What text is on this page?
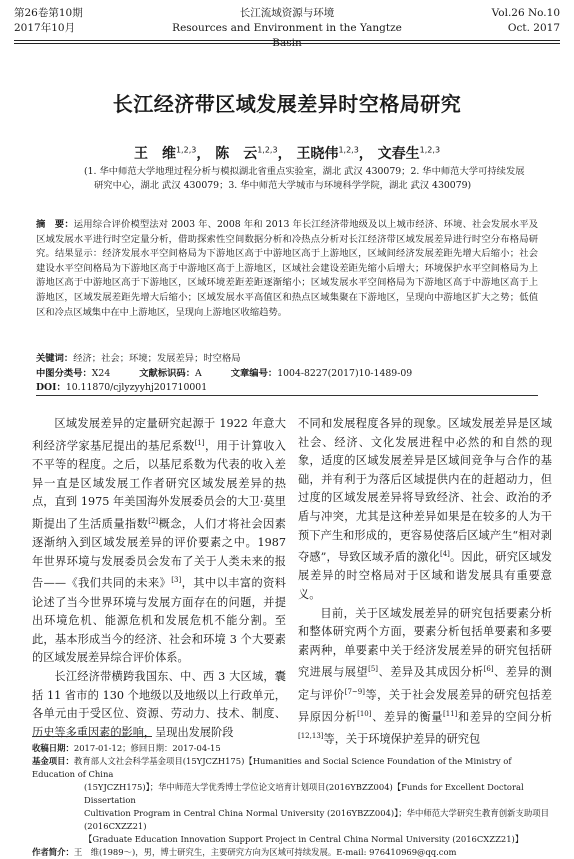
第26卷第10期	长江流域资源与环境	Vol.26 No.10
2017年10月	Resources and Environment in the Yangtze Basin
Oct. 2017
长江经济带区域发展差异时空格局研究
王　维$^{1,2,3}$， 陈　云$^{1,2,3}$， 王晓伟$^{1,2,3}$， 文春生$^{1,2,3}$

(1. 华中师范大学地理过程分析与模拟湖北省重点实验室，湖北 武汉 430079；2. 华中师范大学可持续发展

研究中心，湖北 武汉 430079；3. 华中师范大学城市与环境科学学院，湖北 武汉 430079)

摘　要：运用综合评价模型法对 2003 年、2008 年和 2013 年长江经济带地级及以上城市经济、环境、社会发展水平及区域发展水平进行时空定量分析，借助探索性空间数据分析和冷热点分析对长江经济带区域发展差异进行时空分布格局研究。结果显示：经济发展水平空间格局为下游地区高于中游地区高于上游地区，区域间经济发展差距先增大后缩小；社会建设水平空间格局为下游地区高于中游地区高于上游地区，区域社会建设差距先缩小后增大；环境保护水平空间格局为上游地区高于中游地区高于下游地区，区域环境差距差距逐渐缩小；区域发展水平空间格局为下游地区高于中游地区高于上游地区，区域发展差距先增大后缩小；区域发展水平高值区和热点区域集聚在下游地区，呈现向中游地区扩大之势；低值区和冷点区域集中在中上游地区，呈现向上游地区收缩趋势。
关键词：经济；社会；环境；发展差异；时空格局
中图分类号：X24	文献标识码：A	文章编号：1004-8227(2017)10-1489-09
DOI：10.11870/cjlyzyyhj201710001

区域发展差异的定量研究起源于 1922 年意大利经济学家基尼提出的基尼系数[1]，用于计算收入不平等的程度。之后，以基尼系数为代表的收入差异一直是区域发展工作者研究区域发展差异的热点，直到 1975 年美国海外发展委员会的大卫·莫里斯提出了生活质量指数[2]概念，人们才将社会因素逐渐纳入到区域发展差异的评价要素之中。1987 年世界环境与发展委员会发布了关于人类未来的报告——《我们共同的未来》[3]，其中以丰富的资料论述了当今世界环境与发展方面存在的问题，并提出环境危机、能源危机和发展危机不能分割。至此，基本形成当今的经济、社会和环境 3 个大要素的区域发展差异综合评价体系。

长江经济带横跨我国东、中、西 3 大区域，囊括 11 省市的 130 个地级以及地级以上行政单元，各单元由于受区位、资源、劳动力、技术、制度、历史等多重因素的影响，呈现出发展阶段

不同和发展程度各异的现象。区域发展差异是区域社会、经济、文化发展进程中必然的和自然的现象，适度的区域发展差异是区域间竞争与合作的基础，并有利于为落后区域提供内在的赶超动力，但过度的区域发展差异将导致经济、社会、政治的矛盾与冲突，尤其是这种差异如果是在较多的人为干预下产生和形成的，更容易使落后区域产生“相对剥夺感”，导致区域矛盾的激化[4]。因此，研究区域发展差异的时空格局对于区域和谐发展具有重要意义。

目前，关于区域发展差异的研究包括要素分析和整体研究两个方面，要素分析包括单要素和多要素两种，单要素中关于经济发展差异的研究包括研究进展与展望[5]、差异及其成因分析[6]、差异的测定与评价[7~9]等，关于社会发展差异的研究包括差异原因分析[10]、差异的衡量[11]和差异的空间分析[12,13]等，关于环境保护差异的研究包

收稿日期：2017-01-12；修回日期：2017-04-15

基金项目：教育部人文社会科学基金项目(15YJCZH175)【Humanities and Social Science Foundation of the Ministry of Education of China

(15YJCZH175)】；华中师范大学优秀博士学位论文培育计划项目(2016YBZZ004)【Funds for Excellent Doctoral Dissertation

Cultivation Program in Central China Normal University (2016YBZZ004)】；华中师范大学研究生教育创新支助项目(2016CXZZ21)

【Graduate Education Innovation Support Project in Central China Normal University (2016CXZZ21)】

作者简介：王　维(1989～)，男，博士研究生，主要研究方向为区域可持续发展。E-mail: 976410969@qq.com
